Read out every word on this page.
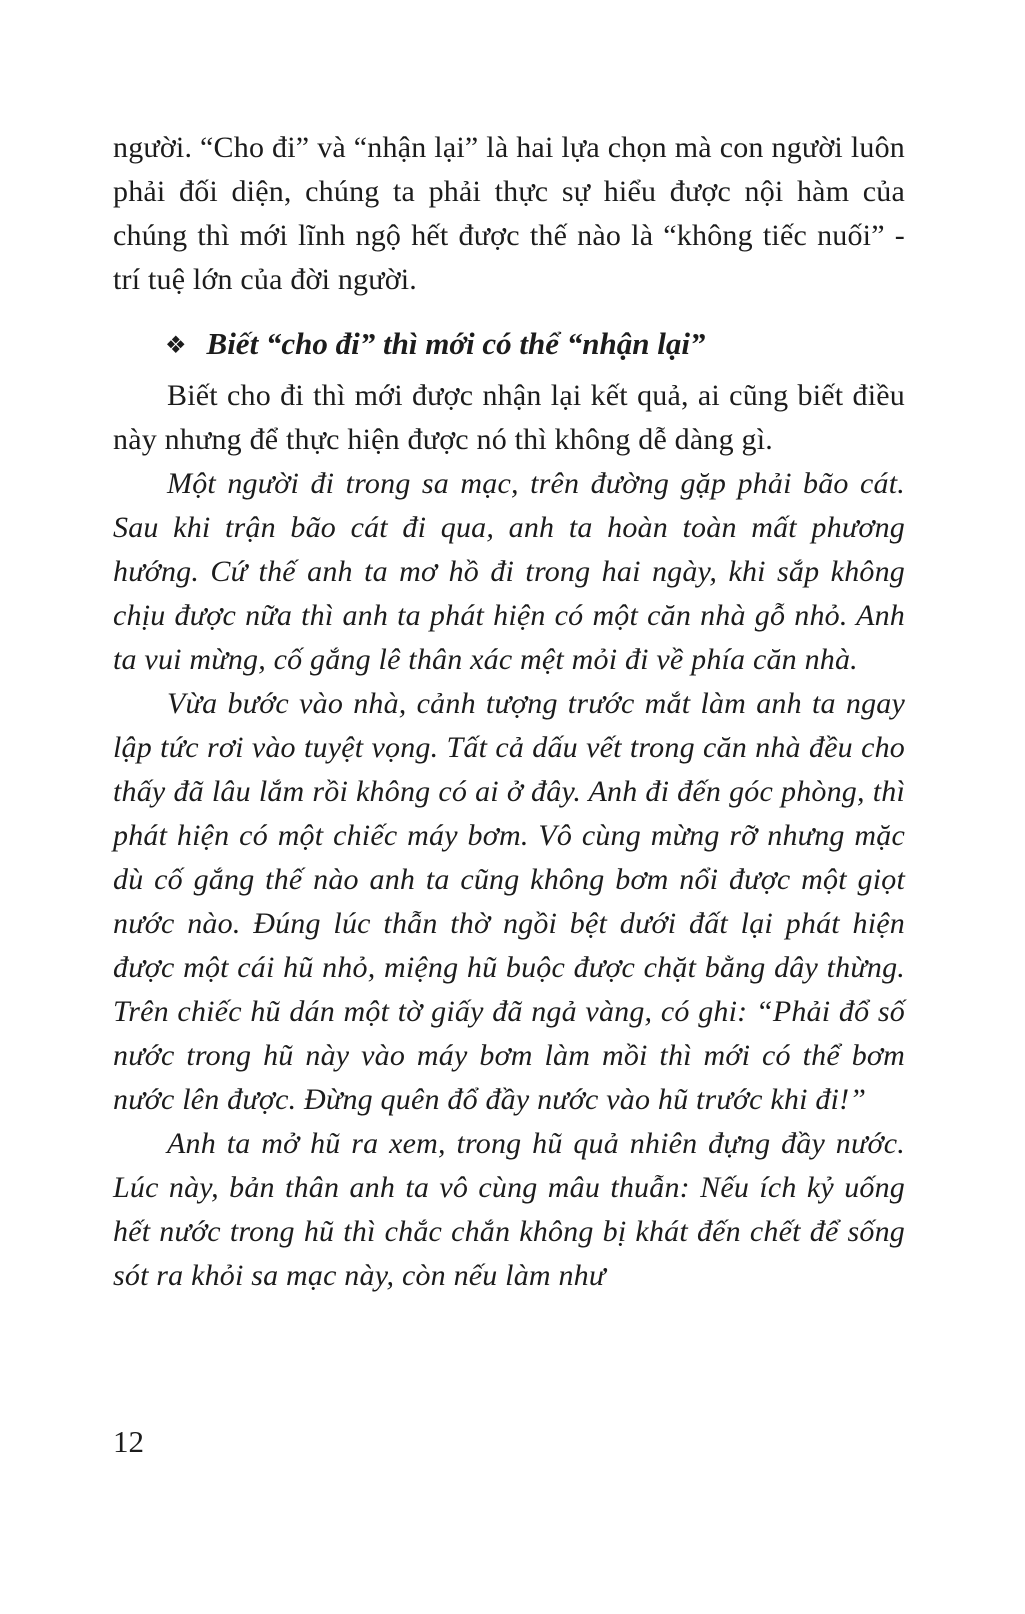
người. “Cho đi” và “nhận lại” là hai lựa chọn mà con người luôn phải đối diện, chúng ta phải thực sự hiểu được nội hàm của chúng thì mới lĩnh ngộ hết được thế nào là “không tiếc nuối” - trí tuệ lớn của đời người.

❖ Biết “cho đi” thì mới có thể “nhận lại”

Biết cho đi thì mới được nhận lại kết quả, ai cũng biết điều này nhưng để thực hiện được nó thì không dễ dàng gì.

Một người đi trong sa mạc, trên đường gặp phải bão cát. Sau khi trận bão cát đi qua, anh ta hoàn toàn mất phương hướng. Cứ thế anh ta mơ hồ đi trong hai ngày, khi sắp không chịu được nữa thì anh ta phát hiện có một căn nhà gỗ nhỏ. Anh ta vui mừng, cố gắng lê thân xác mệt mỏi đi về phía căn nhà.

Vừa bước vào nhà, cảnh tượng trước mắt làm anh ta ngay lập tức rơi vào tuyệt vọng. Tất cả dấu vết trong căn nhà đều cho thấy đã lâu lắm rồi không có ai ở đây. Anh đi đến góc phòng, thì phát hiện có một chiếc máy bơm. Vô cùng mừng rỡ nhưng mặc dù cố gắng thế nào anh ta cũng không bơm nổi được một giọt nước nào. Đúng lúc thẫn thờ ngồi bệt dưới đất lại phát hiện được một cái hũ nhỏ, miệng hũ buộc được chặt bằng dây thừng. Trên chiếc hũ dán một tờ giấy đã ngả vàng, có ghi: “Phải đổ số nước trong hũ này vào máy bơm làm mồi thì mới có thể bơm nước lên được. Đừng quên đổ đầy nước vào hũ trước khi đi!”

Anh ta mở hũ ra xem, trong hũ quả nhiên đựng đầy nước. Lúc này, bản thân anh ta vô cùng mâu thuẫn: Nếu ích kỷ uống hết nước trong hũ thì chắc chắn không bị khát đến chết để sống sót ra khỏi sa mạc này, còn nếu làm như

12
